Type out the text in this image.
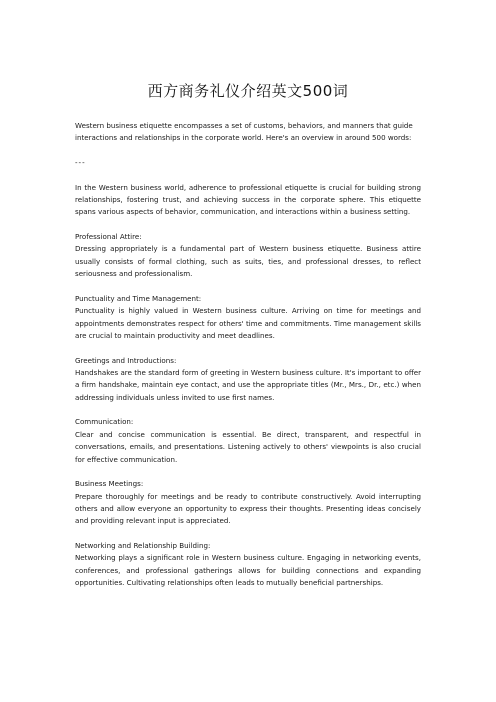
西方商务礼仪介绍英文500词

Western business etiquette encompasses a set of customs, behaviors, and manners that guide interactions and relationships in the corporate world. Here's an overview in around 500 words:

---

In the Western business world, adherence to professional etiquette is crucial for building strong relationships, fostering trust, and achieving success in the corporate sphere. This etiquette spans various aspects of behavior, communication, and interactions within a business setting.

Professional Attire:

Dressing appropriately is a fundamental part of Western business etiquette. Business attire usually consists of formal clothing, such as suits, ties, and professional dresses, to reflect seriousness and professionalism.

Punctuality and Time Management:

Punctuality is highly valued in Western business culture. Arriving on time for meetings and appointments demonstrates respect for others' time and commitments. Time management skills are crucial to maintain productivity and meet deadlines.

Greetings and Introductions:

Handshakes are the standard form of greeting in Western business culture. It's important to offer a firm handshake, maintain eye contact, and use the appropriate titles (Mr., Mrs., Dr., etc.) when addressing individuals unless invited to use first names.

Communication:

Clear and concise communication is essential. Be direct, transparent, and respectful in conversations, emails, and presentations. Listening actively to others' viewpoints is also crucial for effective communication.

Business Meetings:

Prepare thoroughly for meetings and be ready to contribute constructively. Avoid interrupting others and allow everyone an opportunity to express their thoughts. Presenting ideas concisely and providing relevant input is appreciated.

Networking and Relationship Building:

Networking plays a significant role in Western business culture. Engaging in networking events, conferences, and professional gatherings allows for building connections and expanding opportunities. Cultivating relationships often leads to mutually beneficial partnerships.
